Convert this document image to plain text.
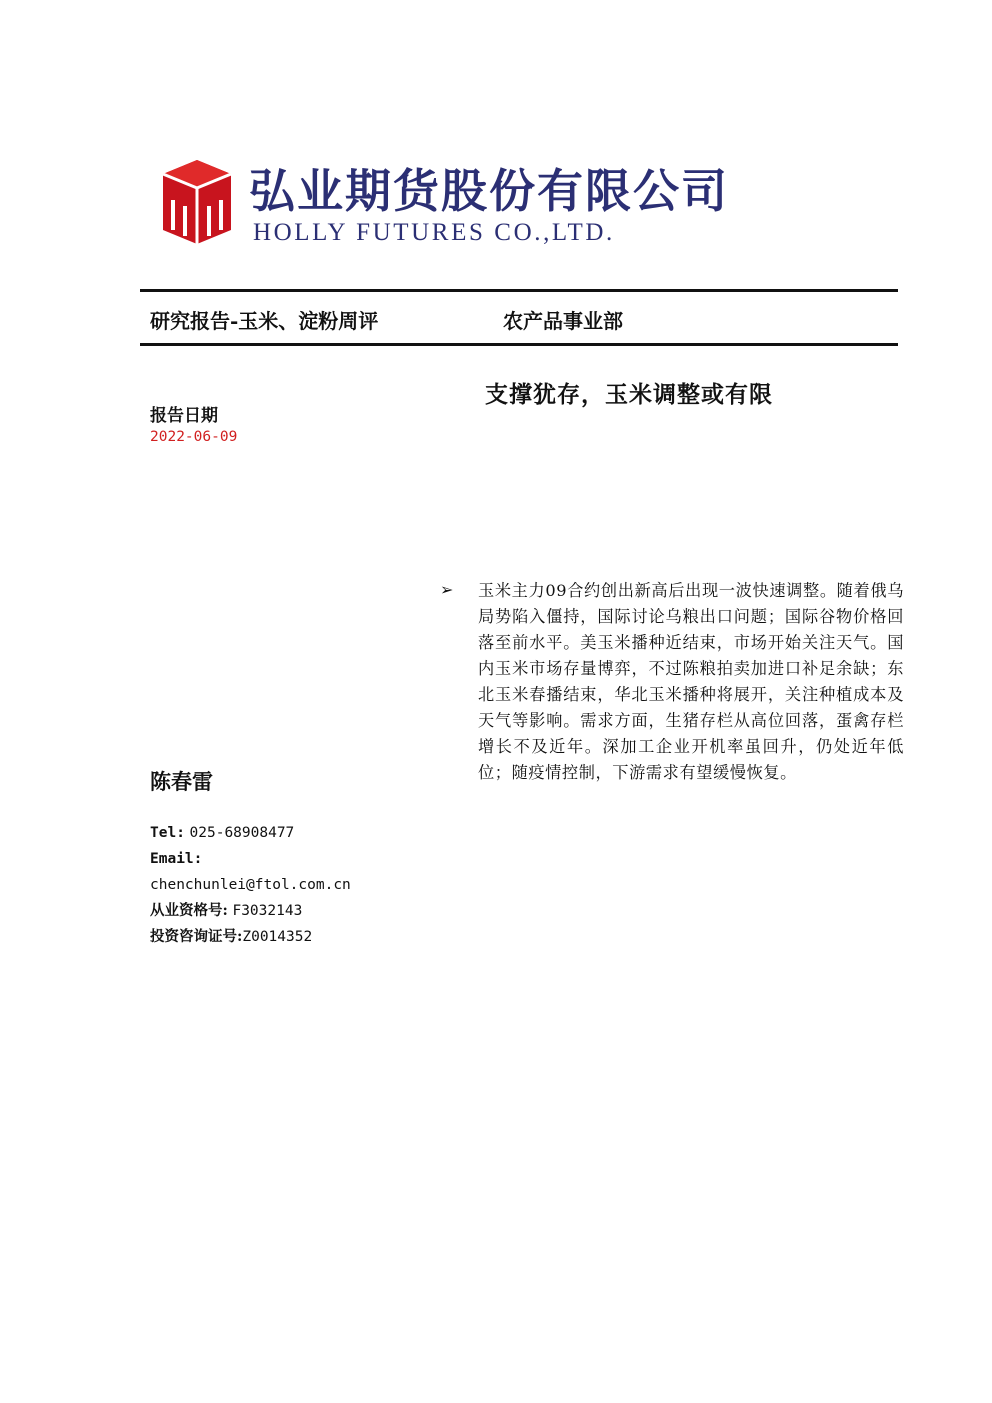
弘业期货股份有限公司
HOLLY FUTURES CO.,LTD.
研究报告-玉米、淀粉周评	农产品事业部
支撑犹存，玉米调整或有限
报告日期
2022-06-09
➢ 玉米主力09合约创出新高后出现一波快速调整。随着俄乌局势陷入僵持，国际讨论乌粮出口问题；国际谷物价格回落至前水平。美玉米播种近结束，市场开始关注天气。国内玉米市场存量博弈，不过陈粮拍卖加进口补足余缺；东北玉米春播结束，华北玉米播种将展开，关注种植成本及天气等影响。需求方面，生猪存栏从高位回落，蛋禽存栏增长不及近年。深加工企业开机率虽回升，仍处近年低位；随疫情控制，下游需求有望缓慢恢复。

陈春雷
Tel: 025-68908477
Email:
chenchunlei@ftol.com.cn
从业资格号: F3032143
投资咨询证号:Z0014352
